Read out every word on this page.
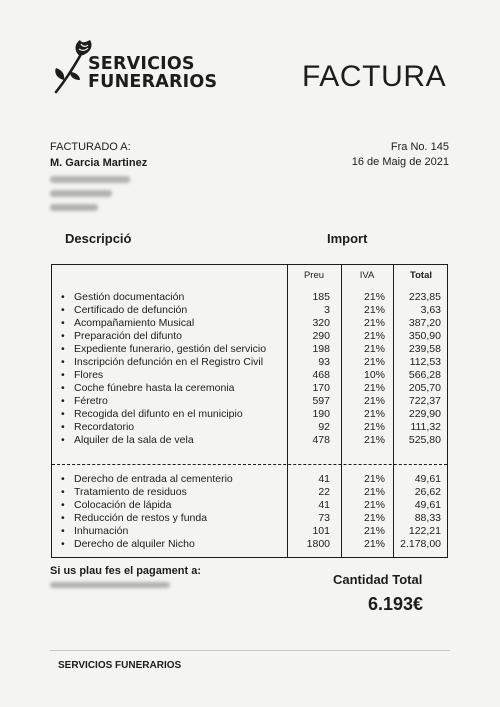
SERVICIOS
FUNERARIOS	FACTURA
FACTURADO A:
M. Garcia Martinez
Fra No. 145
16 de Maig de 2021
Descripció	Import
Preu	IVA	Total
• Gestión documentación	185	21% 223,85
• Certificado de defunción	3	21%	3,63
• Acompañamiento Musical	320	21% 387,20
• Preparación del difunto	290	21% 350,90
• Expediente funerario, gestión del servicio	198	21% 239,58
• Inscripción defunción en el Registro Civil	93	21% 112,53
• Flores	468	10% 566,28
• Coche fúnebre hasta la ceremonia	170	21% 205,70
• Féretro	597	21% 722,37
• Recogida del difunto en el municipio	190	21% 229,90
• Recordatorio	92	21% 111,32
• Alquiler de la sala de vela	478	21% 525,80
• Derecho de entrada al cementerio	41	21%	49,61
• Tratamiento de residuos	22	21%	26,62
• Colocación de lápida	41	21%	49,61
• Reducción de restos y funda	73	21%	88,33
• Inhumación	101	21% 122,21
• Derecho de alquiler Nicho	1800	21% 2.178,00
Si us plau fes el pagament a:
Cantidad Total
6.193€
SERVICIOS FUNERARIOS
